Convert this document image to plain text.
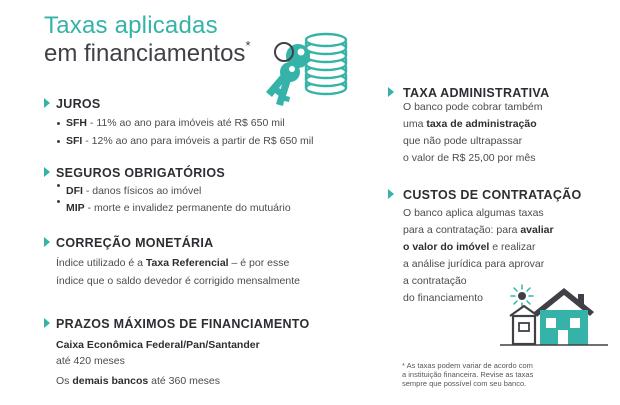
Taxas aplicadas
em financiamentos*
JUROS
SFH - 11% ao ano para imóveis até R$ 650 mil
SFI - 12% ao ano para imóveis a partir de R$ 650 mil
SEGUROS OBRIGATÓRIOS
DFI - danos físicos ao imóvel
MIP - morte e invalidez permanente do mutuário
CORREÇÃO MONETÁRIA
Índice utilizado é a Taxa Referencial – é por esse
índice que o saldo devedor é corrigido mensalmente
PRAZOS MÁXIMOS DE FINANCIAMENTO
Caixa Econômica Federal/Pan/Santander
até 420 meses
Os demais bancos até 360 meses
TAXA ADMINISTRATIVA
O banco pode cobrar também
uma taxa de administração
que não pode ultrapassar
o valor de R$ 25,00 por mês
CUSTOS DE CONTRATAÇÃO
O banco aplica algumas taxas
para a contratação: para avaliar
o valor do imóvel e realizar
a análise jurídica para aprovar
a contratação
do financiamento
* As taxas podem variar de acordo com
a instituição financeira. Revise as taxas
sempre que possível com seu banco.
